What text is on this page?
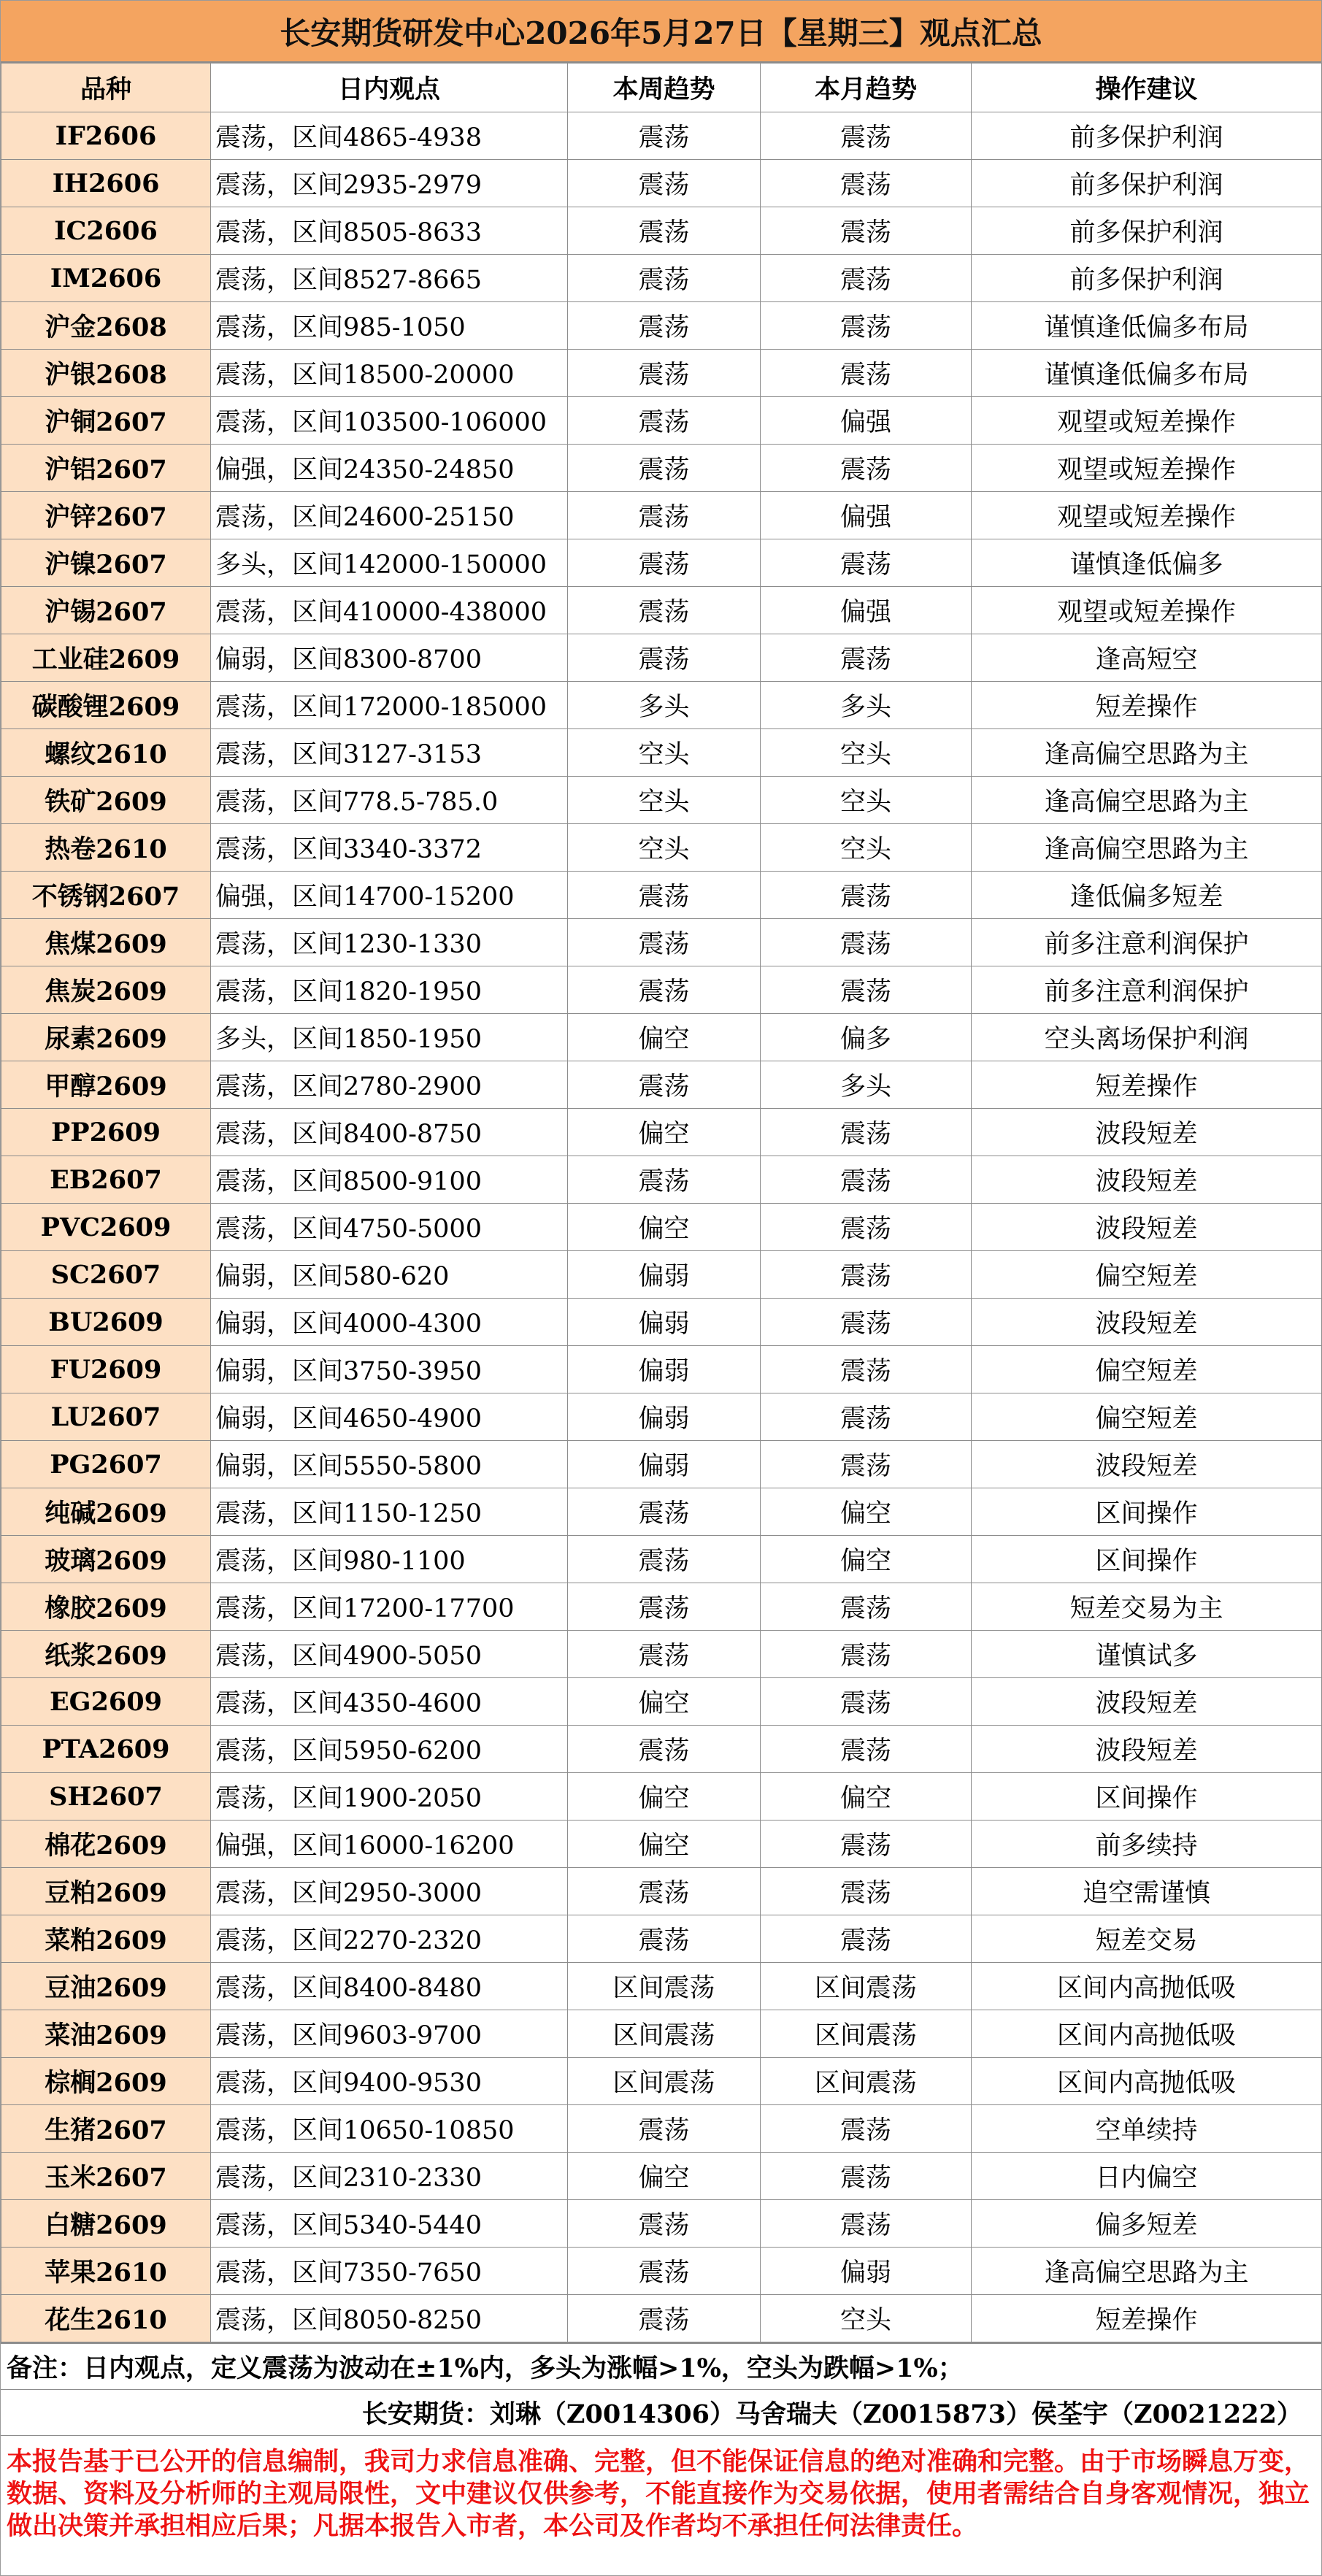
长安期货研发中心2026年5月27日【星期三】观点汇总
品种	日内观点	本周趋势	本月趋势	操作建议
IF2606	震荡，区间4865-4938	震荡	震荡	前多保护利润
IH2606	震荡，区间2935-2979	震荡	震荡	前多保护利润
IC2606	震荡，区间8505-8633	震荡	震荡	前多保护利润
IM2606	震荡，区间8527-8665	震荡	震荡	前多保护利润
沪金2608	震荡，区间985-1050	震荡	震荡	谨慎逢低偏多布局
沪银2608	震荡，区间18500-20000	震荡	震荡	谨慎逢低偏多布局
沪铜2607	震荡，区间103500-106000	震荡	偏强	观望或短差操作
沪铝2607	偏强，区间24350-24850	震荡	震荡	观望或短差操作
沪锌2607	震荡，区间24600-25150	震荡	偏强	观望或短差操作
沪镍2607	多头，区间142000-150000	震荡	震荡	谨慎逢低偏多
沪锡2607	震荡，区间410000-438000	震荡	偏强	观望或短差操作
工业硅2609	偏弱，区间8300-8700	震荡	震荡	逢高短空
碳酸锂2609	震荡，区间172000-185000	多头	多头	短差操作
螺纹2610	震荡，区间3127-3153	空头	空头	逢高偏空思路为主
铁矿2609	震荡，区间778.5-785.0	空头	空头	逢高偏空思路为主
热卷2610	震荡，区间3340-3372	空头	空头	逢高偏空思路为主
不锈钢2607	偏强，区间14700-15200	震荡	震荡	逢低偏多短差
焦煤2609	震荡，区间1230-1330	震荡	震荡	前多注意利润保护
焦炭2609	震荡，区间1820-1950	震荡	震荡	前多注意利润保护
尿素2609	多头，区间1850-1950	偏空	偏多	空头离场保护利润
甲醇2609	震荡，区间2780-2900	震荡	多头	短差操作
PP2609	震荡，区间8400-8750	偏空	震荡	波段短差
EB2607	震荡，区间8500-9100	震荡	震荡	波段短差
PVC2609	震荡，区间4750-5000	偏空	震荡	波段短差
SC2607	偏弱，区间580-620	偏弱	震荡	偏空短差
BU2609	偏弱，区间4000-4300	偏弱	震荡	波段短差
FU2609	偏弱，区间3750-3950	偏弱	震荡	偏空短差
LU2607	偏弱，区间4650-4900	偏弱	震荡	偏空短差
PG2607	偏弱，区间5550-5800	偏弱	震荡	波段短差
纯碱2609	震荡，区间1150-1250	震荡	偏空	区间操作
玻璃2609	震荡，区间980-1100	震荡	偏空	区间操作
橡胶2609	震荡，区间17200-17700	震荡	震荡	短差交易为主
纸浆2609	震荡，区间4900-5050	震荡	震荡	谨慎试多
EG2609	震荡，区间4350-4600	偏空	震荡	波段短差
PTA2609	震荡，区间5950-6200	震荡	震荡	波段短差
SH2607	震荡，区间1900-2050	偏空	偏空	区间操作
棉花2609	偏强，区间16000-16200	偏空	震荡	前多续持
豆粕2609	震荡，区间2950-3000	震荡	震荡	追空需谨慎
菜粕2609	震荡，区间2270-2320	震荡	震荡	短差交易
豆油2609	震荡，区间8400-8480	区间震荡	区间震荡	区间内高抛低吸
菜油2609	震荡，区间9603-9700	区间震荡	区间震荡	区间内高抛低吸
棕榈2609	震荡，区间9400-9530	区间震荡	区间震荡	区间内高抛低吸
生猪2607	震荡，区间10650-10850	震荡	震荡	空单续持
玉米2607	震荡，区间2310-2330	偏空	震荡	日内偏空
白糖2609	震荡，区间5340-5440	震荡	震荡	偏多短差
苹果2610	震荡，区间7350-7650	震荡	偏弱	逢高偏空思路为主
花生2610	震荡，区间8050-8250	震荡	空头	短差操作
备注：日内观点，定义震荡为波动在±1%内，多头为涨幅>1%，空头为跌幅>1%；
长安期货：刘琳（Z0014306）马舍瑞夫（Z0015873）侯荃宇（Z0021222）
本报告基于已公开的信息编制，我司力求信息准确、完整，但不能保证信息的绝对准确和完整。由于市场瞬息万变，数据、资料及分析师的主观局限性，文中建议仅供参考，不能直接作为交易依据，使用者需结合自身客观情况，独立做出决策并承担相应后果；凡据本报告入市者，本公司及作者均不承担任何法律责任。
